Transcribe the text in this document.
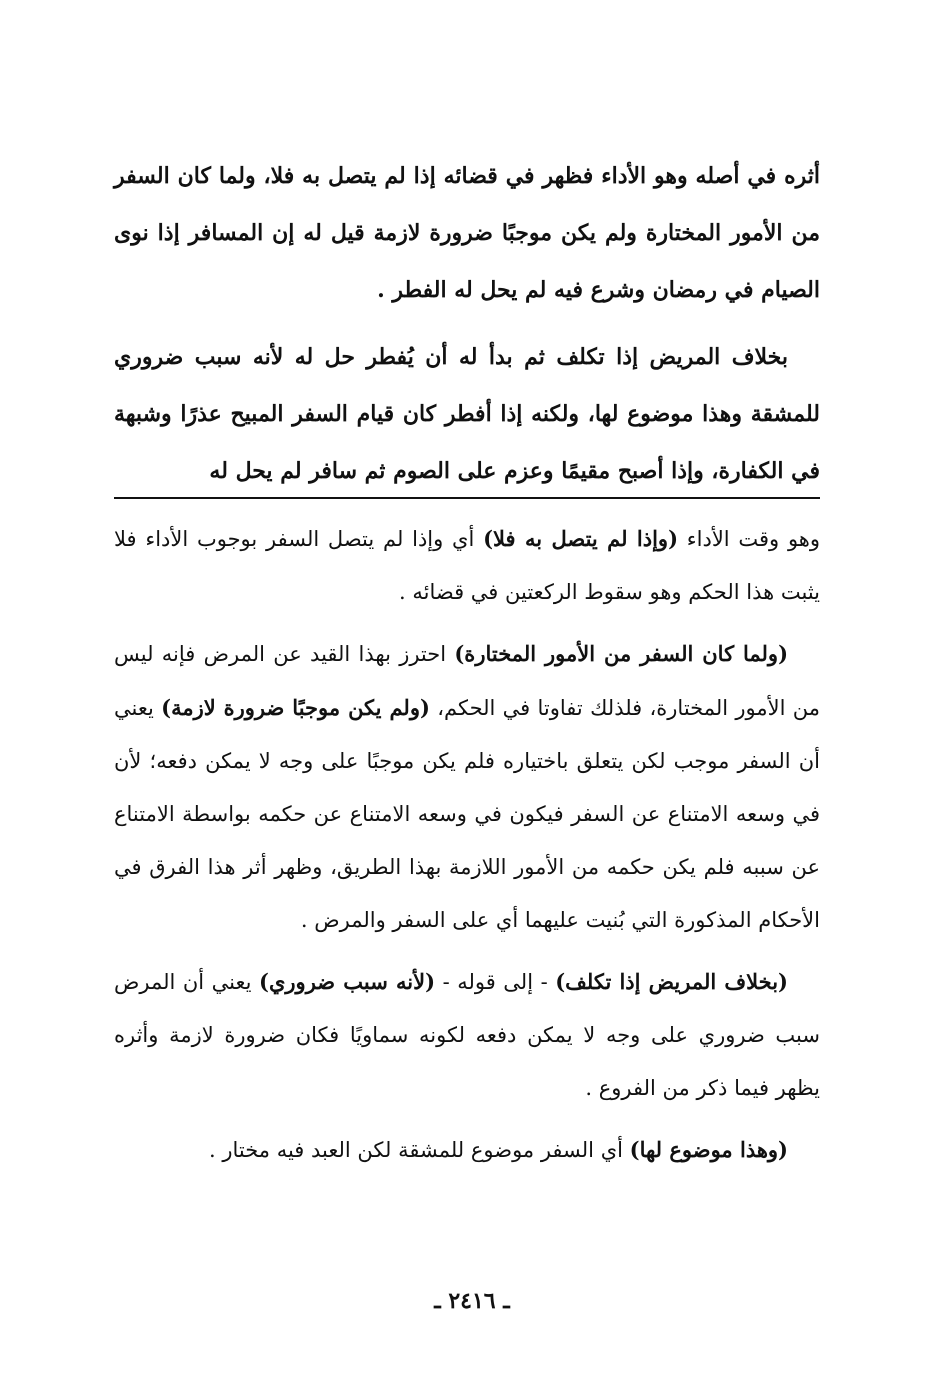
أثره في أصله وهو الأداء فظهر في قضائه إذا لم يتصل به فلا، ولما كان السفر من الأمور المختارة ولم يكن موجبًا ضرورة لازمة قيل له إن المسافر إذا نوى الصيام في رمضان وشرع فيه لم يحل له الفطر .

بخلاف المريض إذا تكلف ثم بدأ له أن يُفطر حل له لأنه سبب ضروري للمشقة وهذا موضوع لها، ولكنه إذا أفطر كان قيام السفر المبيح عذرًا وشبهة في الكفارة، وإذا أصبح مقيمًا وعزم على الصوم ثم سافر لم يحل له

وهو وقت الأداء (وإذا لم يتصل به فلا) أي وإذا لم يتصل السفر بوجوب الأداء فلا يثبت هذا الحكم وهو سقوط الركعتين في قضائه .

(ولما كان السفر من الأمور المختارة) احترز بهذا القيد عن المرض فإنه ليس من الأمور المختارة، فلذلك تفاوتا في الحكم، (ولم يكن موجبًا ضرورة لازمة) يعني أن السفر موجب لكن يتعلق باختياره فلم يكن موجبًا على وجه لا يمكن دفعه؛ لأن في وسعه الامتناع عن السفر فيكون في وسعه الامتناع عن حكمه بواسطة الامتناع عن سببه فلم يكن حكمه من الأمور اللازمة بهذا الطريق، وظهر أثر هذا الفرق في الأحكام المذكورة التي بُنيت عليهما أي على السفر والمرض .

(بخلاف المريض إذا تكلف) - إلى قوله - (لأنه سبب ضروري) يعني أن المرض سبب ضروري على وجه لا يمكن دفعه لكونه سماويًا فكان ضرورة لازمة وأثره يظهر فيما ذكر من الفروع .

(وهذا موضوع لها) أي السفر موضوع للمشقة لكن العبد فيه مختار .

ـ ٢٤١٦ ـ
